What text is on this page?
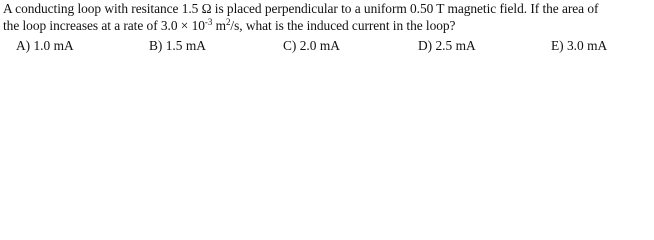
A conducting loop with resitance 1.5 Ω is placed perpendicular to a uniform 0.50 T magnetic field. If the area of
the loop increases at a rate of $3.0 \times 10^{-3}$ $m^2/s$, what is the induced current in the loop?
A) 1.0 mA	B) 1.5 mA	C) 2.0 mA	D) 2.5 mA	E) 3.0 mA
